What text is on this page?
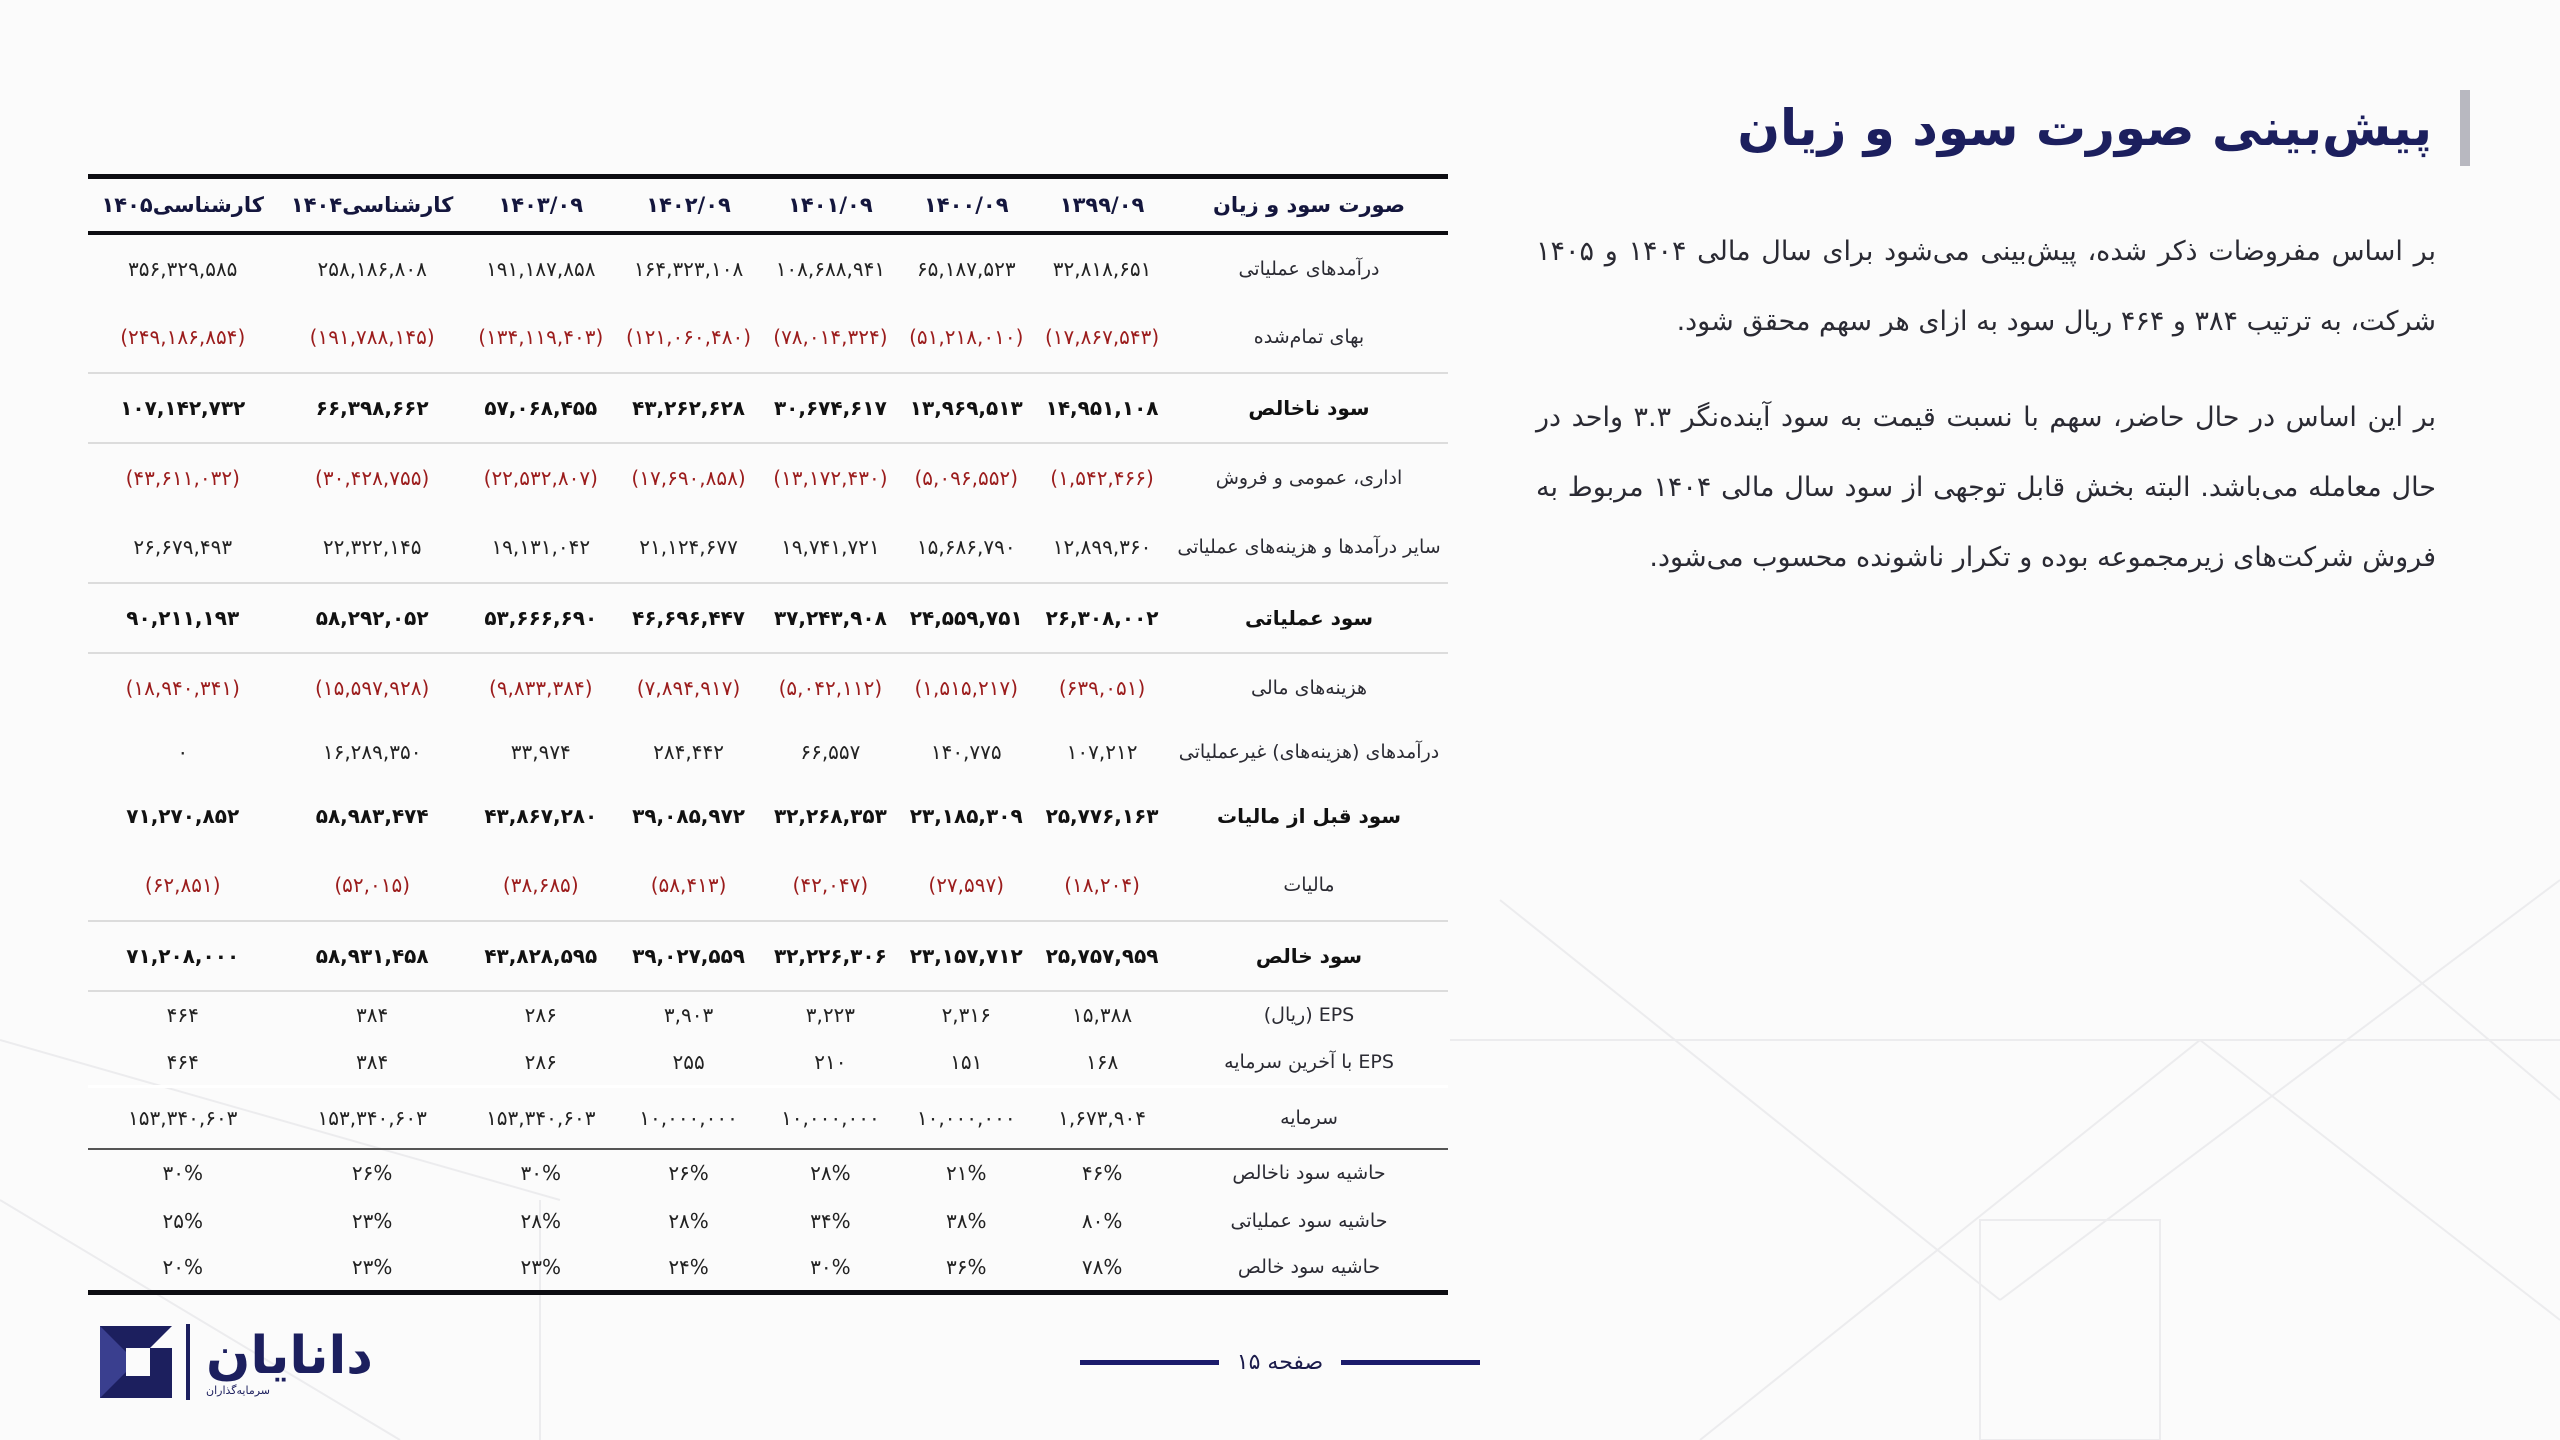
پیش‌بینی صورت سود و زیان

بر اساس مفروضات ذکر شده، پیش‌بینی می‌شود برای سال مالی ۱۴۰۴ و ۱۴۰۵ شرکت، به ترتیب ۳۸۴ و ۴۶۴ ریال سود به ازای هر سهم محقق شود.

بر این اساس در حال حاضر، سهم با نسبت قیمت به سود آینده‌نگر ۳.۳ واحد در حال معامله می‌باشد. البته بخش قابل توجهی از سود سال مالی ۱۴۰۴ مربوط به فروش شرکت‌های زیرمجموعه بوده و تکرار ناشونده محسوب می‌شود.

صورت سود و زیان	۱۳۹۹/۰۹	۱۴۰۰/۰۹	۱۴۰۱/۰۹	۱۴۰۲/۰۹	۱۴۰۳/۰۹	کارشناسی۱۴۰۴	کارشناسی۱۴۰۵
درآمدهای عملیاتی	۳۲,۸۱۸,۶۵۱	۶۵,۱۸۷,۵۲۳	۱۰۸,۶۸۸,۹۴۱	۱۶۴,۳۲۳,۱۰۸	۱۹۱,۱۸۷,۸۵۸	۲۵۸,۱۸۶,۸۰۸	۳۵۶,۳۲۹,۵۸۵
بهای تمام‌شده	(۱۷,۸۶۷,۵۴۳)	(۵۱,۲۱۸,۰۱۰)	(۷۸,۰۱۴,۳۲۴)	(۱۲۱,۰۶۰,۴۸۰)	(۱۳۴,۱۱۹,۴۰۳)	(۱۹۱,۷۸۸,۱۴۵)	(۲۴۹,۱۸۶,۸۵۴)
سود ناخالص	۱۴,۹۵۱,۱۰۸	۱۳,۹۶۹,۵۱۳	۳۰,۶۷۴,۶۱۷	۴۳,۲۶۲,۶۲۸	۵۷,۰۶۸,۴۵۵	۶۶,۳۹۸,۶۶۲	۱۰۷,۱۴۲,۷۳۲
اداری، عمومی و فروش	(۱,۵۴۲,۴۶۶)	(۵,۰۹۶,۵۵۲)	(۱۳,۱۷۲,۴۳۰)	(۱۷,۶۹۰,۸۵۸)	(۲۲,۵۳۲,۸۰۷)	(۳۰,۴۲۸,۷۵۵)	(۴۳,۶۱۱,۰۳۲)
سایر درآمدها و هزینه‌های عملیاتی	۱۲,۸۹۹,۳۶۰	۱۵,۶۸۶,۷۹۰	۱۹,۷۴۱,۷۲۱	۲۱,۱۲۴,۶۷۷	۱۹,۱۳۱,۰۴۲	۲۲,۳۲۲,۱۴۵	۲۶,۶۷۹,۴۹۳
سود عملیاتی	۲۶,۳۰۸,۰۰۲	۲۴,۵۵۹,۷۵۱	۳۷,۲۴۳,۹۰۸	۴۶,۶۹۶,۴۴۷	۵۳,۶۶۶,۶۹۰	۵۸,۲۹۲,۰۵۲	۹۰,۲۱۱,۱۹۳
هزینه‌های مالی	(۶۳۹,۰۵۱)	(۱,۵۱۵,۲۱۷)	(۵,۰۴۲,۱۱۲)	(۷,۸۹۴,۹۱۷)	(۹,۸۳۳,۳۸۴)	(۱۵,۵۹۷,۹۲۸)	(۱۸,۹۴۰,۳۴۱)
درآمدهای (هزینه‌های) غیرعملیاتی	۱۰۷,۲۱۲	۱۴۰,۷۷۵	۶۶,۵۵۷	۲۸۴,۴۴۲	۳۳,۹۷۴	۱۶,۲۸۹,۳۵۰	۰
سود قبل از مالیات	۲۵,۷۷۶,۱۶۳	۲۳,۱۸۵,۳۰۹	۳۲,۲۶۸,۳۵۳	۳۹,۰۸۵,۹۷۲	۴۳,۸۶۷,۲۸۰	۵۸,۹۸۳,۴۷۴	۷۱,۲۷۰,۸۵۲
مالیات	(۱۸,۲۰۴)	(۲۷,۵۹۷)	(۴۲,۰۴۷)	(۵۸,۴۱۳)	(۳۸,۶۸۵)	(۵۲,۰۱۵)	(۶۲,۸۵۱)
سود خالص	۲۵,۷۵۷,۹۵۹	۲۳,۱۵۷,۷۱۲	۳۲,۲۲۶,۳۰۶	۳۹,۰۲۷,۵۵۹	۴۳,۸۲۸,۵۹۵	۵۸,۹۳۱,۴۵۸	۷۱,۲۰۸,۰۰۰
EPS (ریال)	۱۵,۳۸۸	۲,۳۱۶	۳,۲۲۳	۳,۹۰۳	۲۸۶	۳۸۴	۴۶۴
EPS با آخرین سرمایه	۱۶۸	۱۵۱	۲۱۰	۲۵۵	۲۸۶	۳۸۴	۴۶۴
سرمایه	۱,۶۷۳,۹۰۴	۱۰,۰۰۰,۰۰۰	۱۰,۰۰۰,۰۰۰	۱۰,۰۰۰,۰۰۰	۱۵۳,۳۴۰,۶۰۳	۱۵۳,۳۴۰,۶۰۳	۱۵۳,۳۴۰,۶۰۳
حاشیه سود ناخالص	۴۶%	۲۱%	۲۸%	۲۶%	۳۰%	۲۶%	۳۰%
حاشیه سود عملیاتی	۸۰%	۳۸%	۳۴%	۲۸%	۲۸%	۲۳%	۲۵%
حاشیه سود خالص	۷۸%	۳۶%	۳۰%	۲۴%	۲۳%	۲۳%	۲۰%
صفحه ۱۵
دانایان
سرمایه‌گذاران
